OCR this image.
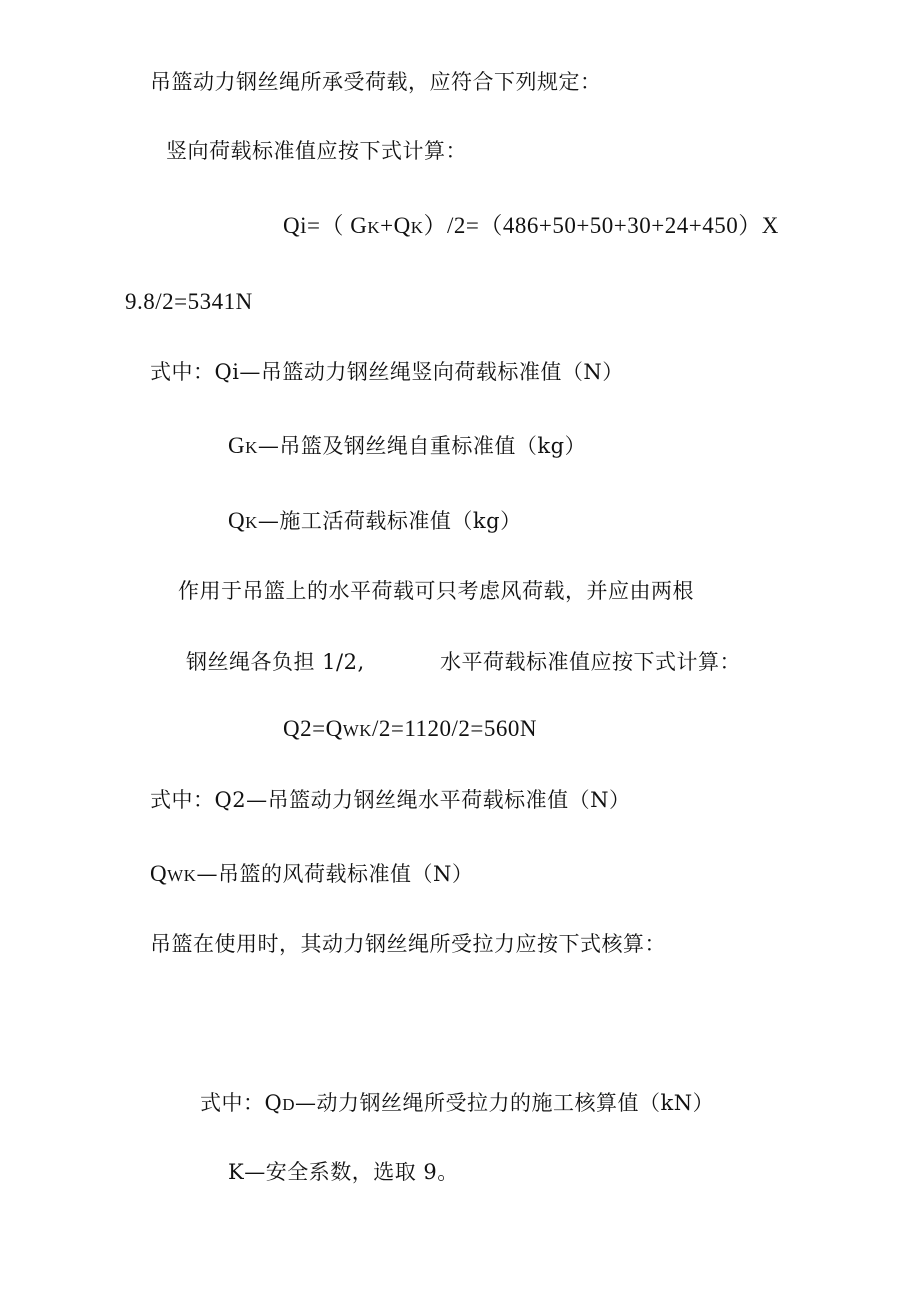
吊篮动力钢丝绳所承受荷载，应符合下列规定：
竖向荷载标准值应按下式计算：
Qi=（ GK+QK）/2=（486+50+50+30+24+450）X
9.8/2=5341N
式中：Qi—吊篮动力钢丝绳竖向荷载标准值（N）
GK—吊篮及钢丝绳自重标准值（kg）
QK—施工活荷载标准值（kg）
作用于吊篮上的水平荷载可只考虑风荷载，并应由两根
钢丝绳各负担 1/2,	水平荷载标准值应按下式计算：
Q2=QWK/2=1120/2=560N
式中：Q2—吊篮动力钢丝绳水平荷载标准值（N）
QWK—吊篮的风荷载标准值（N）
吊篮在使用时，其动力钢丝绳所受拉力应按下式核算：
式中：QD—动力钢丝绳所受拉力的施工核算值（kN）
K—安全系数，选取 9。
